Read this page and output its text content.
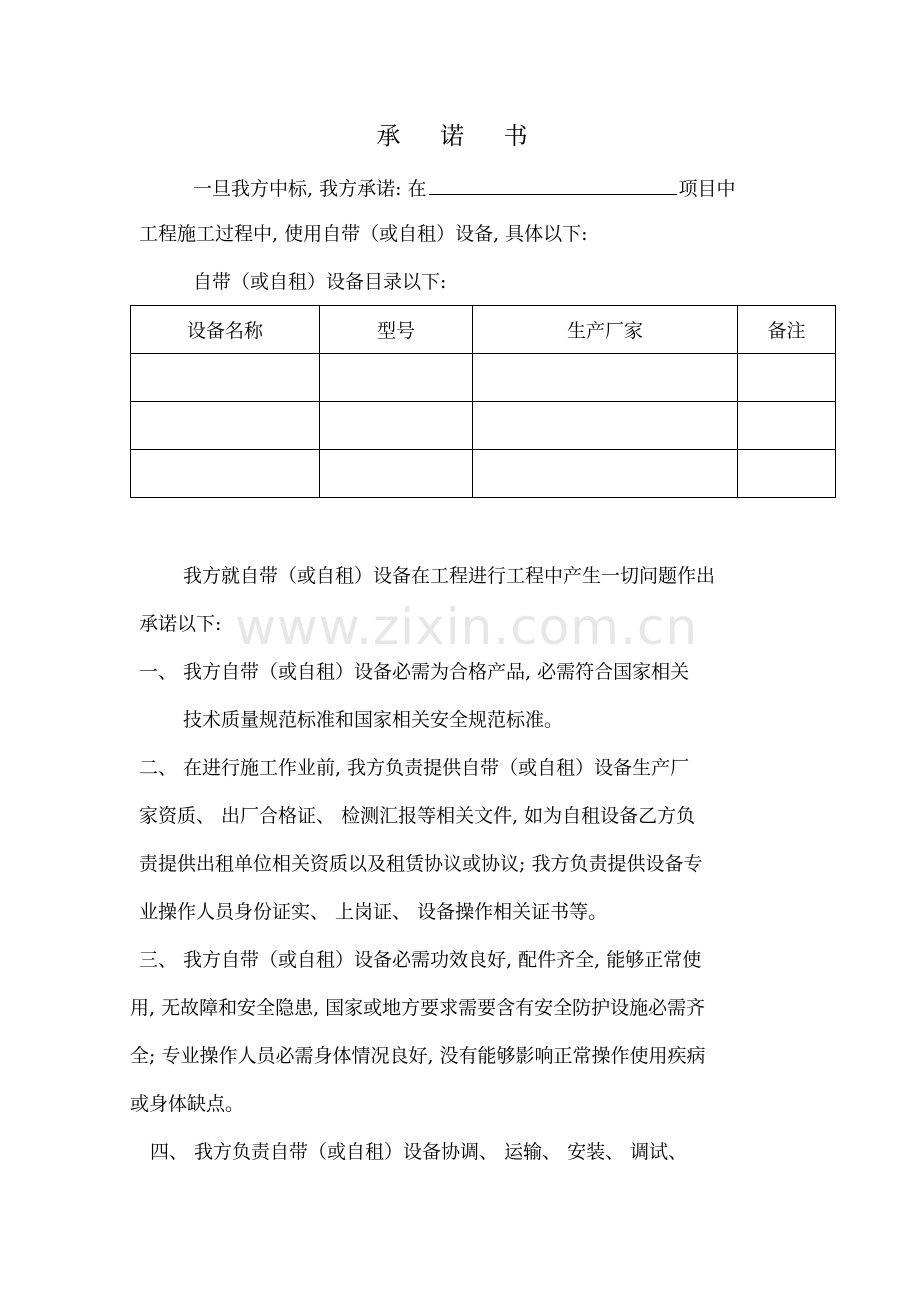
承 诺 书
一旦我方中标, 我方承诺: 在	项目中
工程施工过程中, 使用自带（或自租）设备, 具体以下:
自带（或自租）设备目录以下:
设备名称	型号	生产厂家	备注

我方就自带（或自租）设备在工程进行工程中产生一切问题作出
承诺以下:
一、 我方自带（或自租）设备必需为合格产品, 必需符合国家相关
技术质量规范标准和国家相关安全规范标准。
二、 在进行施工作业前, 我方负责提供自带（或自租）设备生产厂
家资质、 出厂合格证、 检测汇报等相关文件, 如为自租设备乙方负
责提供出租单位相关资质以及租赁协议或协议; 我方负责提供设备专
业操作人员身份证实、 上岗证、 设备操作相关证书等。
三、 我方自带（或自租）设备必需功效良好, 配件齐全, 能够正常使
用, 无故障和安全隐患, 国家或地方要求需要含有安全防护设施必需齐
全; 专业操作人员必需身体情况良好, 没有能够影响正常操作使用疾病
或身体缺点。
四、 我方负责自带（或自租）设备协调、 运输、 安装、 调试、
www.zixin.com.cn
